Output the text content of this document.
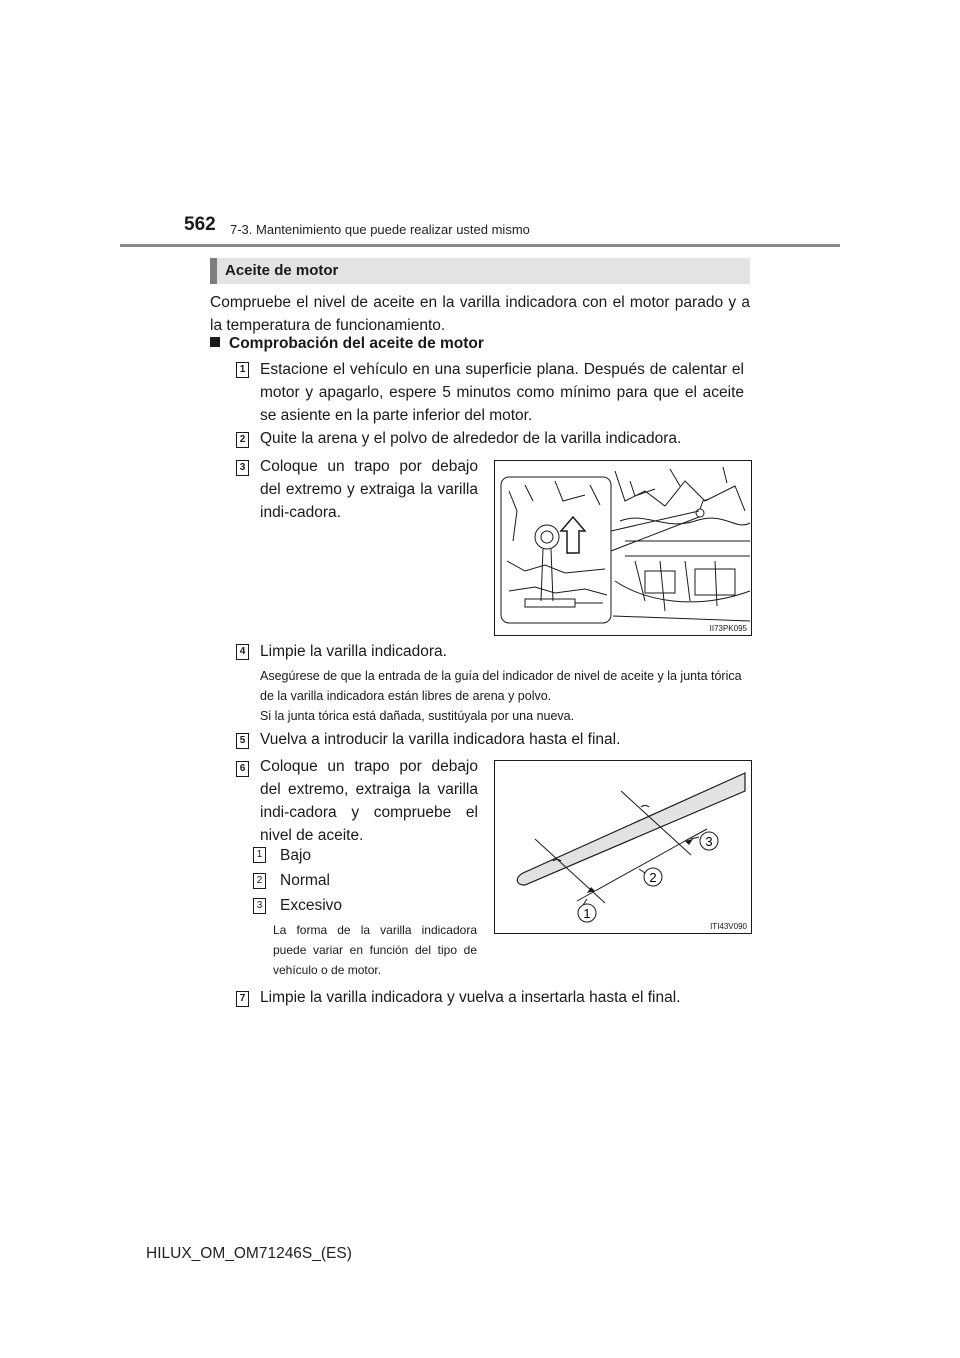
562 7-3. Mantenimiento que puede realizar usted mismo
Aceite de motor
Compruebe el nivel de aceite en la varilla indicadora con el motor parado y a la temperatura de funcionamiento.
Comprobación del aceite de motor
1 Estacione el vehículo en una superficie plana. Después de calentar el motor y apagarlo, espere 5 minutos como mínimo para que el aceite se asiente en la parte inferior del motor.
2 Quite la arena y el polvo de alrededor de la varilla indicadora.
3 Coloque un trapo por debajo del extremo y extraiga la varilla indi-cadora.
II73PK095
4 Limpie la varilla indicadora.
Asegúrese de que la entrada de la guía del indicador de nivel de aceite y la junta tórica de la varilla indicadora están libres de arena y polvo.
Si la junta tórica está dañada, sustitúyala por una nueva.
5 Vuelva a introducir la varilla indicadora hasta el final.
6 Coloque un trapo por debajo del extremo, extraiga la varilla indi-cadora y compruebe el nivel de aceite.
1 Bajo
2 Normal
3 Excesivo
La forma de la varilla indicadora puede variar en función del tipo de vehículo o de motor.
1
2
3
ITI43V090
7 Limpie la varilla indicadora y vuelva a insertarla hasta el final.
HILUX_OM_OM71246S_(ES)
